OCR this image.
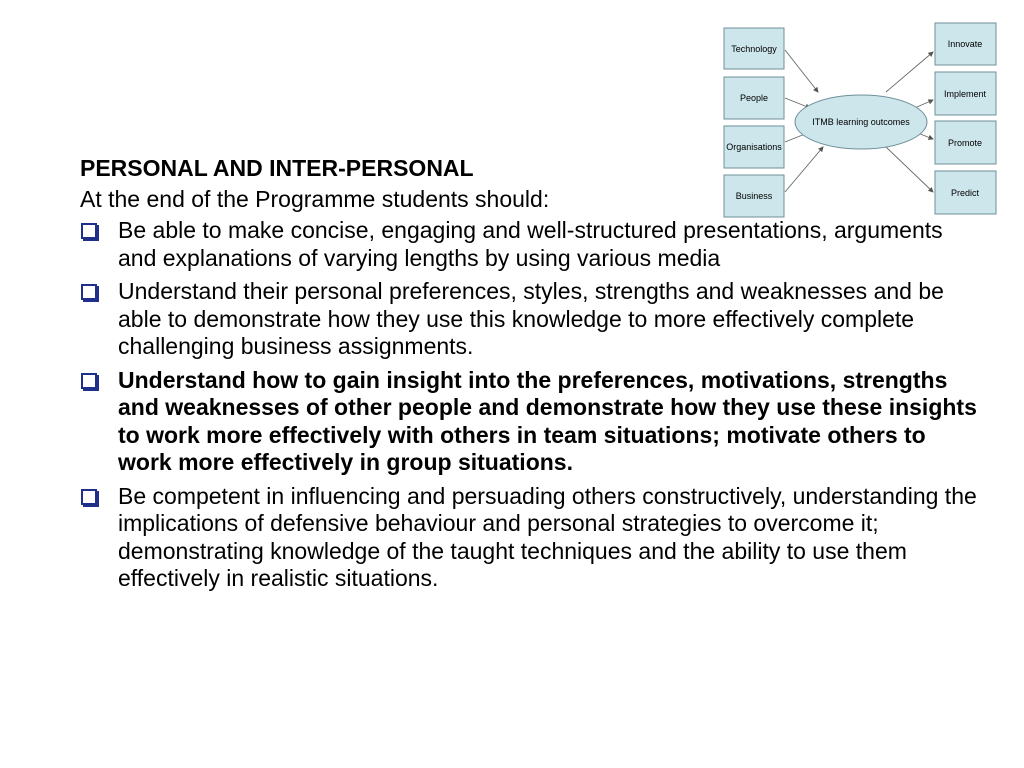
ITMB learning outcomes
Technology
People
Organisations
Business
Innovate
Implement
Promote
Predict

PERSONAL AND INTER-PERSONAL

At the end of the Programme students should:

Be able to make concise, engaging and well-structured presentations, arguments and explanations of varying lengths by using various media
Understand their personal preferences, styles, strengths and weaknesses and be able to demonstrate how they use this knowledge to more effectively complete challenging business assignments.
Understand how to gain insight into the preferences, motivations, strengths and weaknesses of other people and demonstrate how they use these insights to work more effectively with others in team situations; motivate others to work more effectively in group situations.
Be competent in influencing and persuading others constructively, understanding the implications of defensive behaviour and personal strategies to overcome it; demonstrating knowledge of the taught techniques and the ability to use them effectively in realistic situations.
